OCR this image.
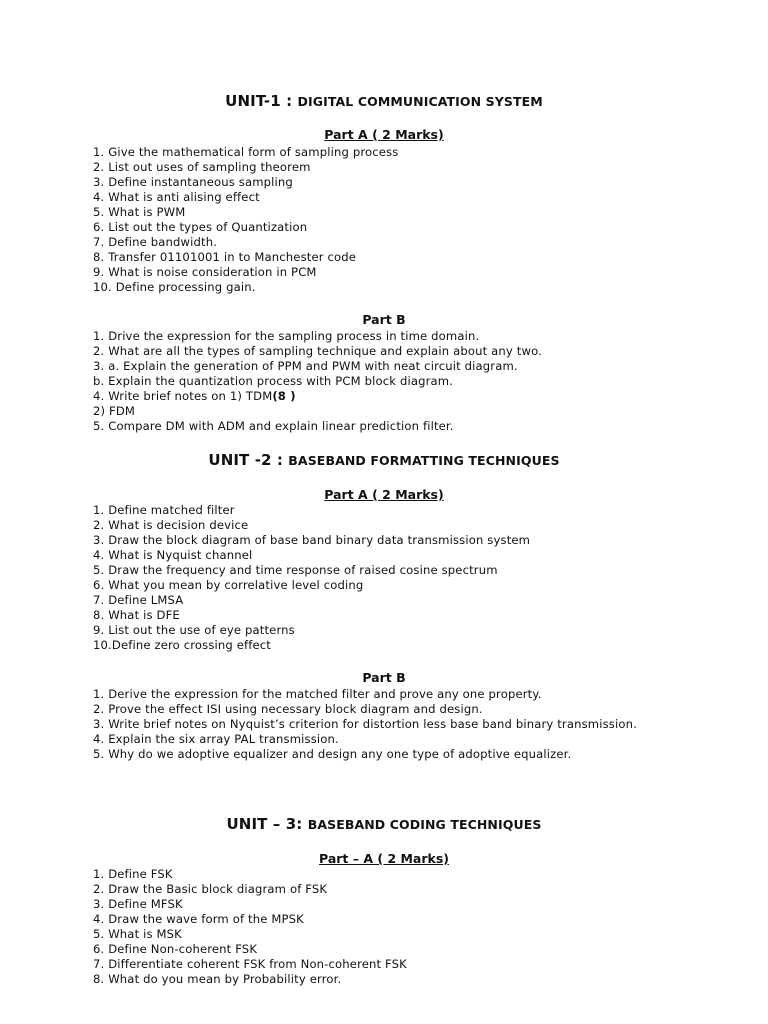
UNIT-1 : DIGITAL COMMUNICATION SYSTEM
Part A ( 2 Marks)
1. Give the mathematical form of sampling process
2. List out uses of sampling theorem
3. Define instantaneous sampling
4. What is anti alising effect
5. What is PWM
6. List out the types of Quantization
7. Define bandwidth.
8. Transfer 01101001 in to Manchester code
9. What is noise consideration in PCM
10. Define processing gain.
Part B
1. Drive the expression for the sampling process in time domain.
2. What are all the types of sampling technique and explain about any two.
3. a. Explain the generation of PPM and PWM with neat circuit diagram.
b. Explain the quantization process with PCM block diagram.
4. Write brief notes on 1) TDM(8 )
2) FDM
5. Compare DM with ADM and explain linear prediction filter.
UNIT -2 : BASEBAND FORMATTING TECHNIQUES
Part A ( 2 Marks)
1. Define matched filter
2. What is decision device
3. Draw the block diagram of base band binary data transmission system
4. What is Nyquist channel
5. Draw the frequency and time response of raised cosine spectrum
6. What you mean by correlative level coding
7. Define LMSA
8. What is DFE
9. List out the use of eye patterns
10.Define zero crossing effect
Part B
1. Derive the expression for the matched filter and prove any one property.
2. Prove the effect ISI using necessary block diagram and design.
3. Write brief notes on Nyquist’s criterion for distortion less base band binary transmission.
4. Explain the six array PAL transmission.
5. Why do we adoptive equalizer and design any one type of adoptive equalizer.
UNIT – 3: BASEBAND CODING TECHNIQUES
Part – A ( 2 Marks)
1. Define FSK
2. Draw the Basic block diagram of FSK
3. Define MFSK
4. Draw the wave form of the MPSK
5. What is MSK
6. Define Non-coherent FSK
7. Differentiate coherent FSK from Non-coherent FSK
8. What do you mean by Probability error.
